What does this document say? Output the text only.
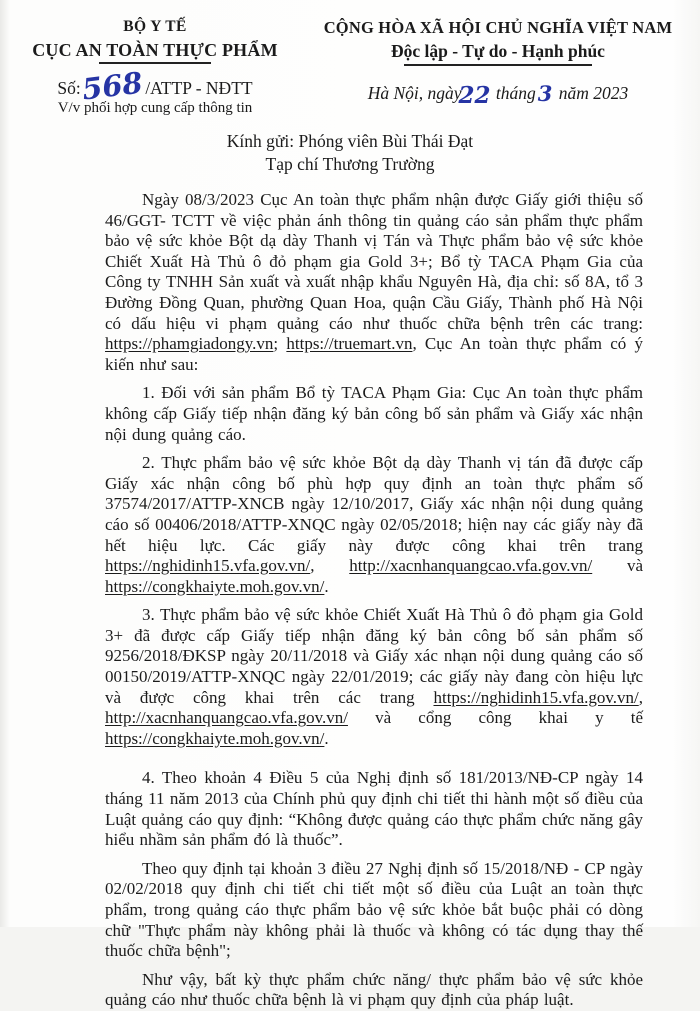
BỘ Y TẾ
CỤC AN TOÀN THỰC PHẨM
Số:568/ATTP - NĐTT
V/v phối hợp cung cấp thông tin
CỘNG HÒA XÃ HỘI CHỦ NGHĨA VIỆT NAM
Độc lập - Tự do - Hạnh phúc
Hà Nội, ngày22 tháng3 năm 2023
Kính gửi: Phóng viên Bùi Thái Đạt
Tạp chí Thương Trường

Ngày 08/3/2023 Cục An toàn thực phẩm nhận được Giấy giới thiệu số 46/GGT- TCTT về việc phản ánh thông tin quảng cáo sản phẩm thực phẩm bảo vệ sức khỏe Bột dạ dày Thanh vị Tán và Thực phẩm bảo vệ sức khỏe Chiết Xuất Hà Thủ ô đỏ phạm gia Gold 3+; Bổ tỳ TACA Phạm Gia của Công ty TNHH Sản xuất và xuất nhập khẩu Nguyên Hà, địa chỉ: số 8A, tổ 3 Đường Đồng Quan, phường Quan Hoa, quận Cầu Giấy, Thành phố Hà Nội có dấu hiệu vi phạm quảng cáo như thuốc chữa bệnh trên các trang: https://phamgiadongy.vn; https://truemart.vn, Cục An toàn thực phẩm có ý kiến như sau:

1. Đối với sản phẩm Bổ tỳ TACA Phạm Gia: Cục An toàn thực phẩm không cấp Giấy tiếp nhận đăng ký bản công bố sản phẩm và Giấy xác nhận nội dung quảng cáo.

2. Thực phẩm bảo vệ sức khỏe Bột dạ dày Thanh vị tán đã được cấp Giấy xác nhận công bố phù hợp quy định an toàn thực phẩm số 37574/2017/ATTP-XNCB ngày 12/10/2017, Giấy xác nhận nội dung quảng cáo số 00406/2018/ATTP-XNQC ngày 02/05/2018; hiện nay các giấy này đã hết hiệu lực. Các giấy này được công khai trên trang https://nghidinh15.vfa.gov.vn/, http://xacnhanquangcao.vfa.gov.vn/ và https://congkhaiyte.moh.gov.vn/.

3. Thực phẩm bảo vệ sức khỏe Chiết Xuất Hà Thủ ô đỏ phạm gia Gold 3+ đã được cấp Giấy tiếp nhận đăng ký bản công bố sản phẩm số 9256/2018/ĐKSP ngày 20/11/2018 và Giấy xác nhạn nội dung quảng cáo số 00150/2019/ATTP-XNQC ngày 22/01/2019; các giấy này đang còn hiệu lực và được công khai trên các trang https://nghidinh15.vfa.gov.vn/, http://xacnhanquangcao.vfa.gov.vn/ và cổng công khai y tế https://congkhaiyte.moh.gov.vn/.

4. Theo khoản 4 Điều 5 của Nghị định số 181/2013/NĐ-CP ngày 14 tháng 11 năm 2013 của Chính phủ quy định chi tiết thi hành một số điều của Luật quảng cáo quy định: “Không được quảng cáo thực phẩm chức năng gây hiểu nhầm sản phẩm đó là thuốc”.

Theo quy định tại khoản 3 điều 27 Nghị định số 15/2018/NĐ - CP ngày 02/02/2018 quy định chi tiết chi tiết một số điều của Luật an toàn thực phẩm, trong quảng cáo thực phẩm bảo vệ sức khỏe bắt buộc phải có dòng chữ "Thực phẩm này không phải là thuốc và không có tác dụng thay thế thuốc chữa bệnh";

Như vậy, bất kỳ thực phẩm chức năng/ thực phẩm bảo vệ sức khỏe quảng cáo như thuốc chữa bệnh là vi phạm quy định của pháp luật.
